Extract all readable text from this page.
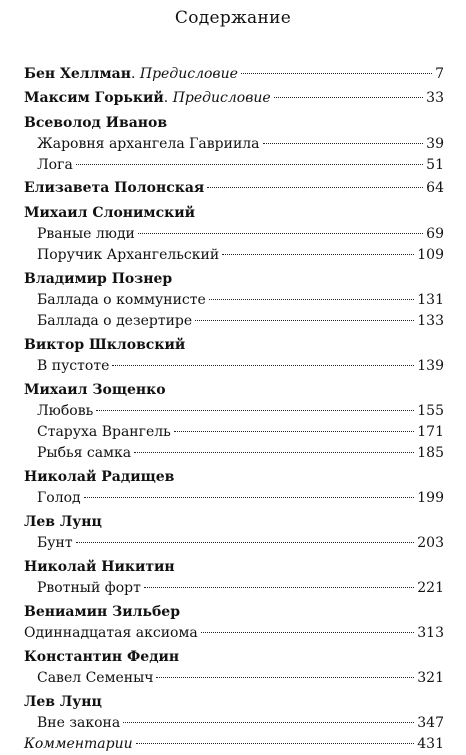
Содержание
Бен Хеллман. Предисловие	7
Максим Горький. Предисловие	33
Всеволод Иванов
Жаровня архангела Гавриила	39
Лога	51
Елизавета Полонская	64
Михаил Слонимский
Рваные люди	69
Поручик Архангельский	109
Владимир Познер
Баллада о коммунисте	131
Баллада о дезертире	133
Виктор Шкловский
В пустоте	139
Михаил Зощенко
Любовь	155
Старуха Врангель	171
Рыбья самка	185
Николай Радищев
Голод	199
Лев Лунц
Бунт	203
Николай Никитин
Рвотный форт	221
Вениамин Зильбер
Одиннадцатая аксиома	313
Константин Федин
Савел Семеныч	321
Лев Лунц
Вне закона	347
Комментарии	431
